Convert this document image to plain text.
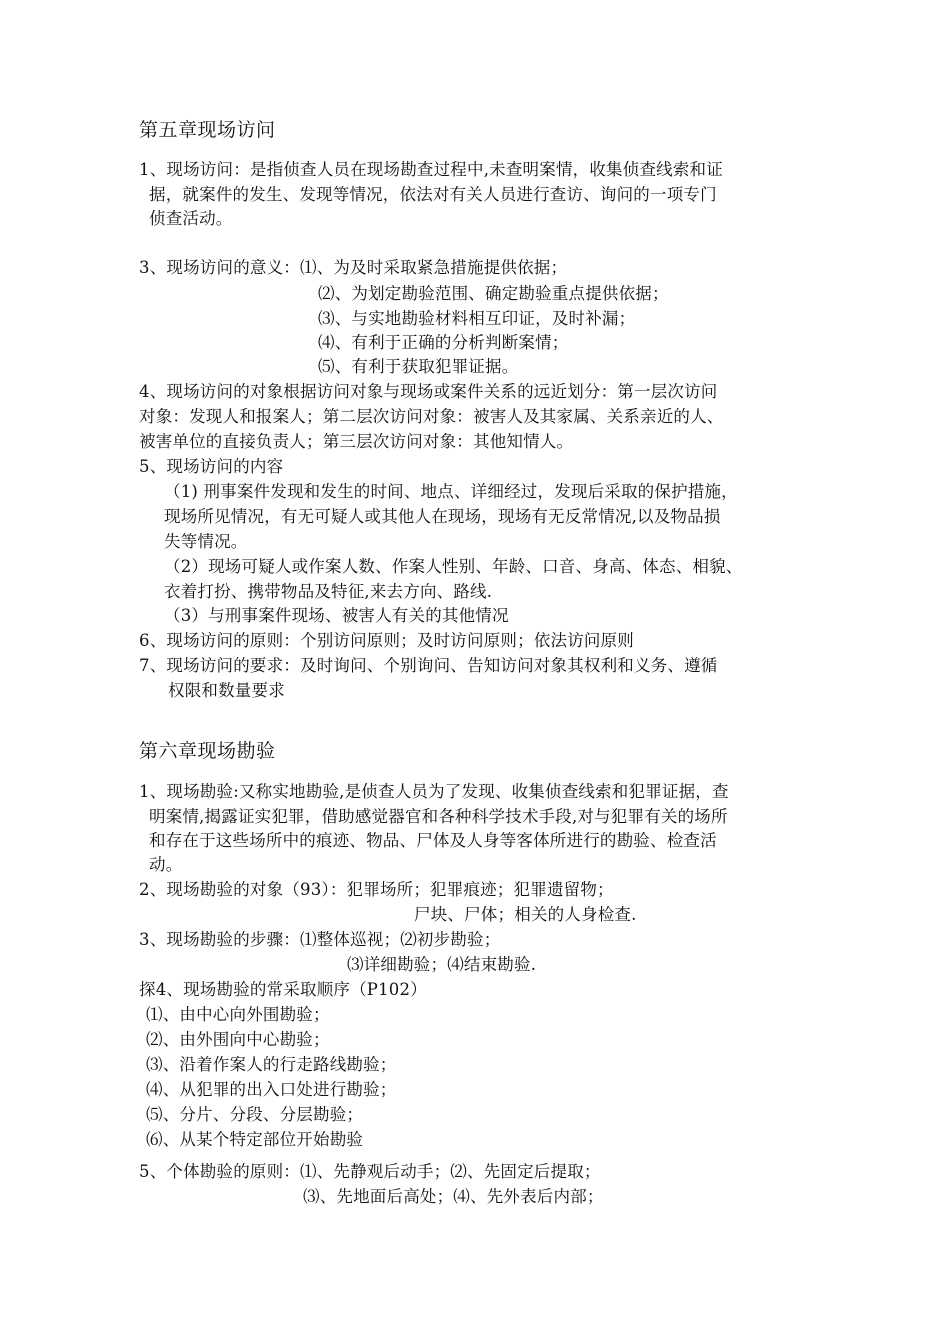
第五章现场访问
1、现场访问：是指侦查人员在现场勘查过程中,未查明案情，收集侦查线索和证
据，就案件的发生、发现等情况，依法对有关人员进行查访、询问的一项专门
侦查活动。
3、现场访问的意义：⑴、为及时采取紧急措施提供依据；
⑵、为划定勘验范围、确定勘验重点提供依据；
⑶、与实地勘验材料相互印证，及时补漏；
⑷、有利于正确的分析判断案情；
⑸、有利于获取犯罪证据。
4、现场访问的对象根据访问对象与现场或案件关系的远近划分：第一层次访问
对象：发现人和报案人；第二层次访问对象：被害人及其家属、关系亲近的人、
被害单位的直接负责人；第三层次访问对象：其他知情人。
5、现场访问的内容
（1) 刑事案件发现和发生的时间、地点、详细经过，发现后采取的保护措施，
现场所见情况，有无可疑人或其他人在现场，现场有无反常情况,以及物品损
失等情况。
（2）现场可疑人或作案人数、作案人性别、年龄、口音、身高、体态、相貌、
衣着打扮、携带物品及特征,来去方向、路线.
（3）与刑事案件现场、被害人有关的其他情况
6、现场访问的原则：个别访问原则；及时访问原则；依法访问原则
7、现场访问的要求：及时询问、个别询问、告知访问对象其权利和义务、遵循
权限和数量要求
第六章现场勘验
1、现场勘验:又称实地勘验,是侦查人员为了发现、收集侦查线索和犯罪证据，查
明案情,揭露证实犯罪，借助感觉器官和各种科学技术手段,对与犯罪有关的场所
和存在于这些场所中的痕迹、物品、尸体及人身等客体所进行的勘验、检查活
动。
2、现场勘验的对象（93）：犯罪场所；犯罪痕迹；犯罪遗留物；
尸块、尸体；相关的人身检查.
3、现场勘验的步骤：⑴整体巡视；⑵初步勘验；
⑶详细勘验；⑷结束勘验.
探4、现场勘验的常采取顺序（P102）
⑴、由中心向外围勘验；
⑵、由外围向中心勘验；
⑶、沿着作案人的行走路线勘验；
⑷、从犯罪的出入口处进行勘验；
⑸、分片、分段、分层勘验；
⑹、从某个特定部位开始勘验
5、个体勘验的原则：⑴、先静观后动手；⑵、先固定后提取；
⑶、先地面后高处；⑷、先外表后内部；
